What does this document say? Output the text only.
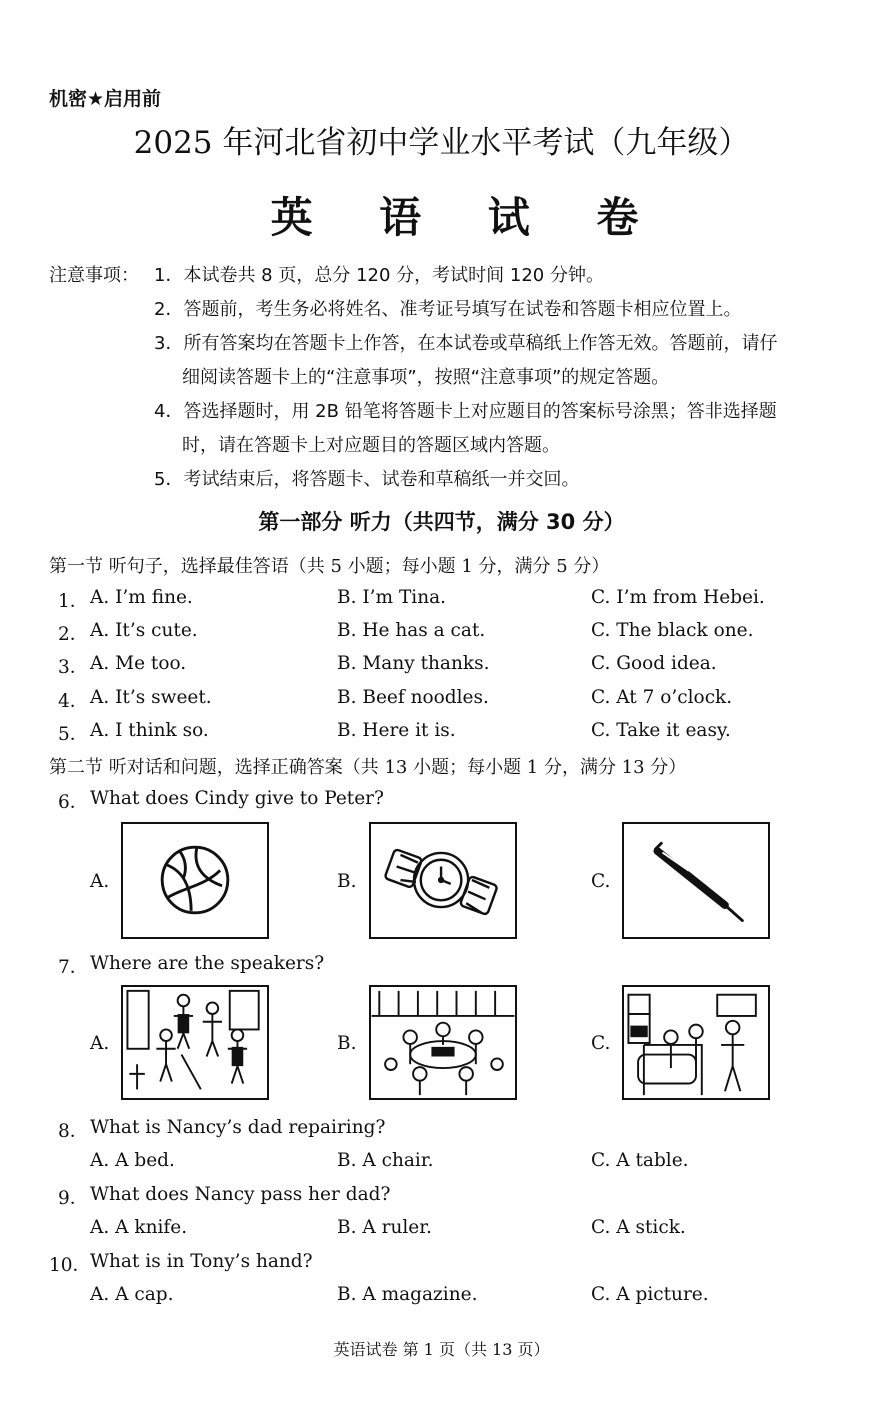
机密★启用前
2025 年河北省初中学业水平考试（九年级）
英 语 试 卷
注意事项： 1．本试卷共 8 页，总分 120 分，考试时间 120 分钟。
2．答题前，考生务必将姓名、准考证号填写在试卷和答题卡相应位置上。
3．所有答案均在答题卡上作答，在本试卷或草稿纸上作答无效。答题前，请仔
细阅读答题卡上的“注意事项”，按照“注意事项”的规定答题。
4．答选择题时，用 2B 铅笔将答题卡上对应题目的答案标号涂黑；答非选择题
时，请在答题卡上对应题目的答题区域内答题。
5．考试结束后，将答题卡、试卷和草稿纸一并交回。
第一部分 听力（共四节，满分 30 分）
第一节 听句子，选择最佳答语（共 5 小题；每小题 1 分，满分 5 分）
1． A. I’m fine.	B. I’m Tina.	C. I’m from Hebei.
2． A. It’s cute.	B. He has a cat.	C. The black one.
3． A. Me too.	B. Many thanks.	C. Good idea.
4． A. It’s sweet.	B. Beef noodles.	C. At 7 o’clock.
5． A. I think so.	B. Here it is.	C. Take it easy.
第二节 听对话和问题，选择正确答案（共 13 小题；每小题 1 分，满分 13 分）
6． What does Cindy give to Peter?
A.	B.	C.
7． Where are the speakers?
A.	B.	C.
8． What is Nancy’s dad repairing?
A. A bed.	B. A chair.	C. A table.
9． What does Nancy pass her dad?
A. A knife.	B. A ruler.	C. A stick.
10．
What is in Tony’s hand?
A. A cap.	B. A magazine.	C. A picture.
英语试卷 第 1 页（共 13 页）
